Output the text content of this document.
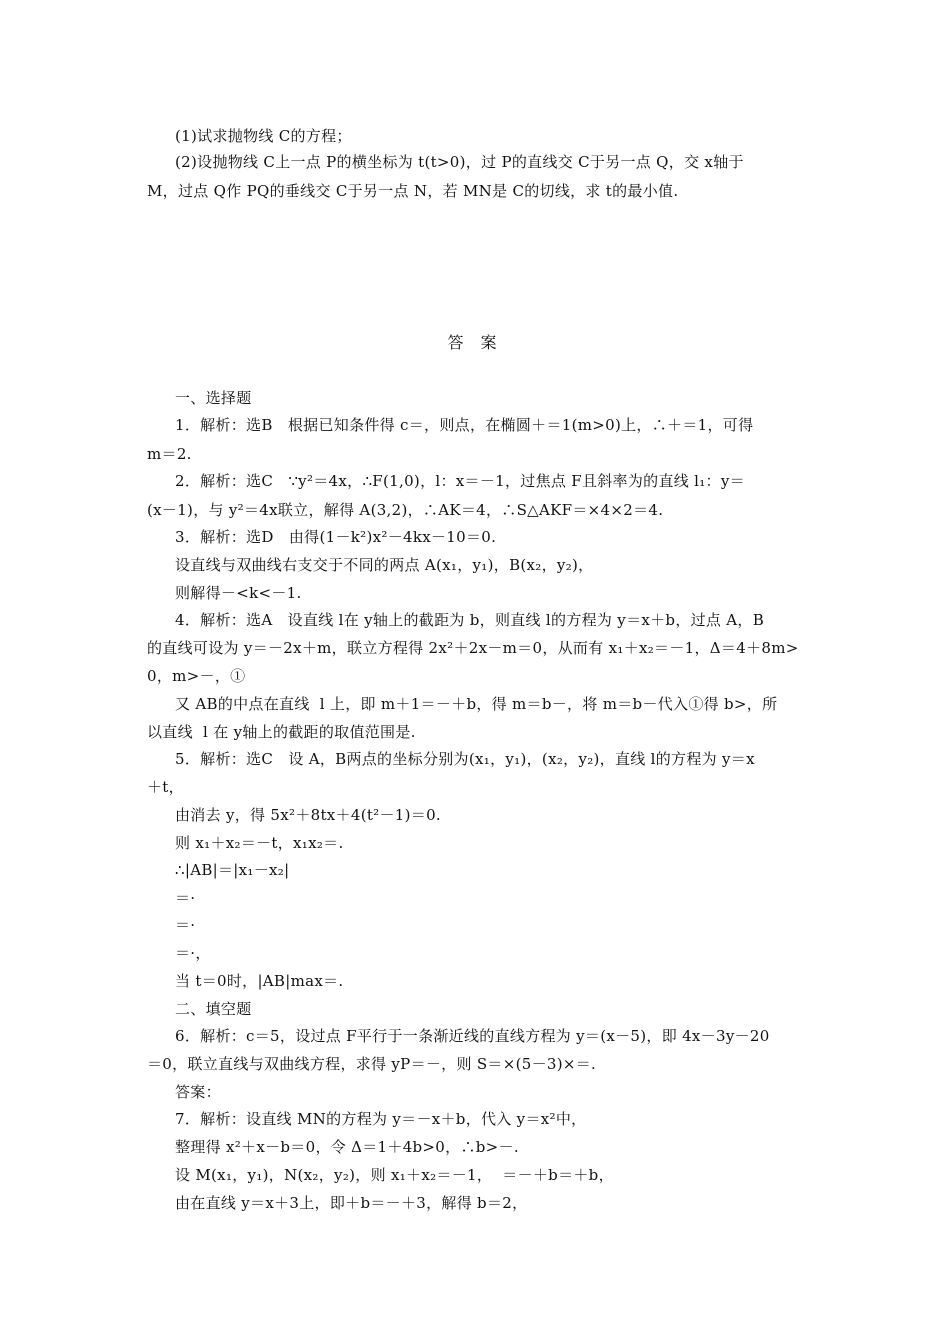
(1)试求抛物线 C的方程；
(2)设抛物线 C上一点 P的横坐标为 t(t>0)，过 P的直线交 C于另一点 Q，交 x轴于
M，过点 Q作 PQ的垂线交 C于另一点 N，若 MN是 C的切线，求 t的最小值.
答 案
一、选择题
1．解析：选B   根据已知条件得 c＝，则点，在椭圆＋＝1(m>0)上，∴＋＝1，可得
m＝2.
2．解析：选C   ∵y²＝4x，∴F(1,0)，l：x＝－1，过焦点 F且斜率为的直线 l₁：y＝
(x－1)，与 y²＝4x联立，解得 A(3,2)，∴AK＝4，∴S△AKF＝×4×2＝4.
3．解析：选D   由得(1－k²)x²－4kx－10＝0.
设直线与双曲线右支交于不同的两点 A(x₁，y₁)，B(x₂，y₂)，
则解得－<k<－1.
4．解析：选A   设直线 l在 y轴上的截距为 b，则直线 l的方程为 y＝x＋b，过点 A，B
的直线可设为 y＝－2x＋m，联立方程得 2x²＋2x－m＝0，从而有 x₁＋x₂＝－1，Δ＝4＋8m>
0，m>－，①
又 AB的中点在直线  l 上，即 m＋1＝－＋b，得 m＝b－，将 m＝b－代入①得 b>，所
以直线  l 在 y轴上的截距的取值范围是.
5．解析：选C   设 A，B两点的坐标分别为(x₁，y₁)，(x₂，y₂)，直线 l的方程为 y＝x
＋t，
由消去 y，得 5x²＋8tx＋4(t²－1)＝0.
则 x₁＋x₂＝－t，x₁x₂＝.
∴|AB|＝|x₁－x₂|
＝·
＝·
＝·，
当 t＝0时，|AB|max＝.
二、填空题
6．解析：c＝5，设过点 F平行于一条渐近线的直线方程为 y＝(x－5)，即 4x－3y－20
＝0，联立直线与双曲线方程，求得 yP＝－，则 S＝×(5－3)×＝.
答案：
7．解析：设直线 MN的方程为 y＝－x＋b，代入 y＝x²中，
整理得 x²＋x－b＝0，令 Δ＝1＋4b>0，∴b>－.
设 M(x₁，y₁)，N(x₂，y₂)，则 x₁＋x₂＝－1，  ＝－＋b＝＋b，
由在直线 y＝x＋3上，即＋b＝－＋3，解得 b＝2，
